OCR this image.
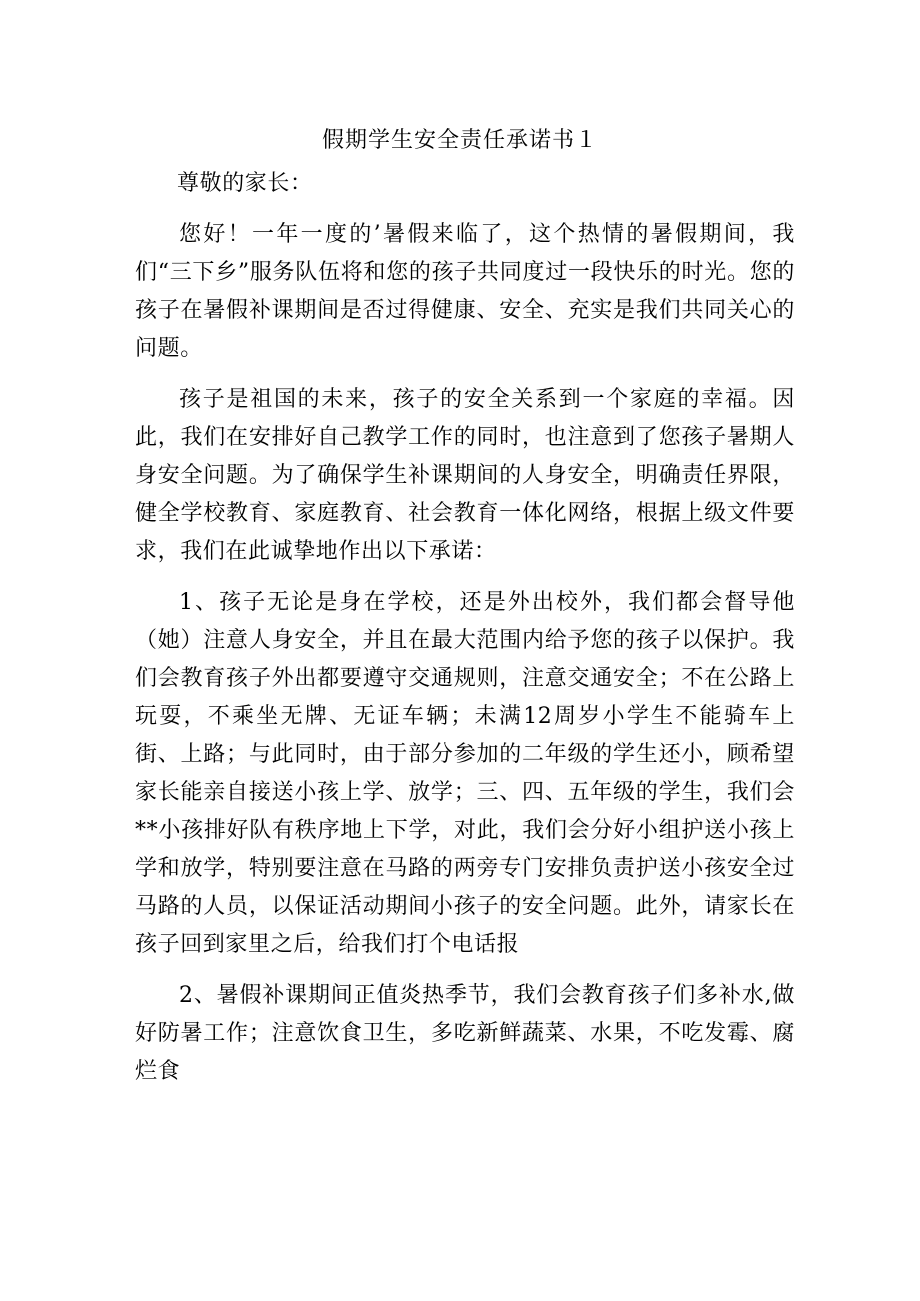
假期学生安全责任承诺书１

尊敬的家长：

您好！一年一度的’暑假来临了，这个热情的暑假期间，我们“三下乡”服务队伍将和您的孩子共同度过一段快乐的时光。您的孩子在暑假补课期间是否过得健康、安全、充实是我们共同关心的问题。

孩子是祖国的未来，孩子的安全关系到一个家庭的幸福。因此，我们在安排好自己教学工作的同时，也注意到了您孩子暑期人身安全问题。为了确保学生补课期间的人身安全，明确责任界限，健全学校教育、家庭教育、社会教育一体化网络，根据上级文件要求，我们在此诚挚地作出以下承诺：

1、孩子无论是身在学校，还是外出校外，我们都会督导他（她）注意人身安全，并且在最大范围内给予您的孩子以保护。我们会教育孩子外出都要遵守交通规则，注意交通安全；不在公路上玩耍，不乘坐无牌、无证车辆；未满12周岁小学生不能骑车上街、上路；与此同时，由于部分参加的二年级的学生还小，顾希望家长能亲自接送小孩上学、放学；三、四、五年级的学生，我们会**小孩排好队有秩序地上下学，对此，我们会分好小组护送小孩上学和放学，特别要注意在马路的两旁专门安排负责护送小孩安全过马路的人员，以保证活动期间小孩子的安全问题。此外，请家长在孩子回到家里之后，给我们打个电话报

2、暑假补课期间正值炎热季节，我们会教育孩子们多补水,做好防暑工作；注意饮食卫生，多吃新鲜蔬菜、水果，不吃发霉、腐烂食
